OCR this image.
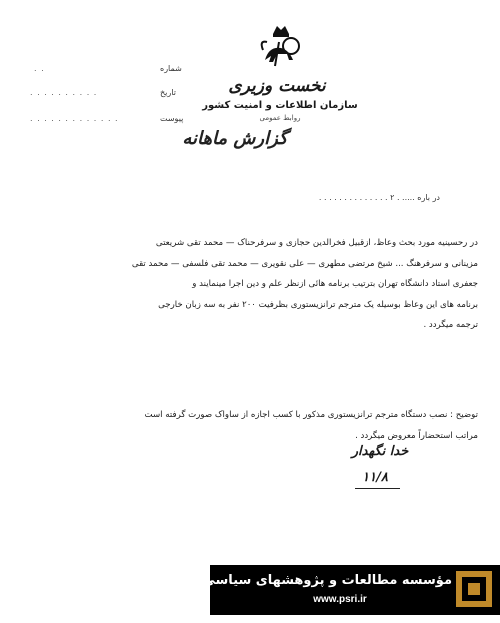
نخست وزیری
سازمان اطلاعات و امنیت کشور
روابط عمومی
گزارش ماهانه
شماره
. .
تاریخ
. . . . . . . . . .
پیوست
. . . . . . . . . . . . .
در باره ..... . ۲ . . . . . . . . . . . . . .

در رحسینیه مورد بحث وعاظ، ازقبیل فخرالدین حجازی و سرفرحناک — محمد تقی شریعتی

مزینانی و سرفرهنگ ... شیخ مرتضی مطهری — علی نقویری — محمد تقی فلسفی — محمد تقی

جعفری استاد دانشگاه تهران بترتیب برنامه هائی ازنظر علم و دین اجرا مینمایند و

برنامه های این وعاظ بوسیله یک مترجم ترانزیستوری بظرفیت ۲۰۰ نفر به سه زبان خارجی

ترجمه میگردد .

توضیح : نصب دستگاه مترجم ترانزیستوری مذکور با کسب اجازه از ساواک صورت گرفته است

مراتب استحضاراً معروض میگردد .

خدا نگهدار
۱۱/۸
مؤسسه مطالعات و پژوهشهای سیاسی
www.psri.ir
